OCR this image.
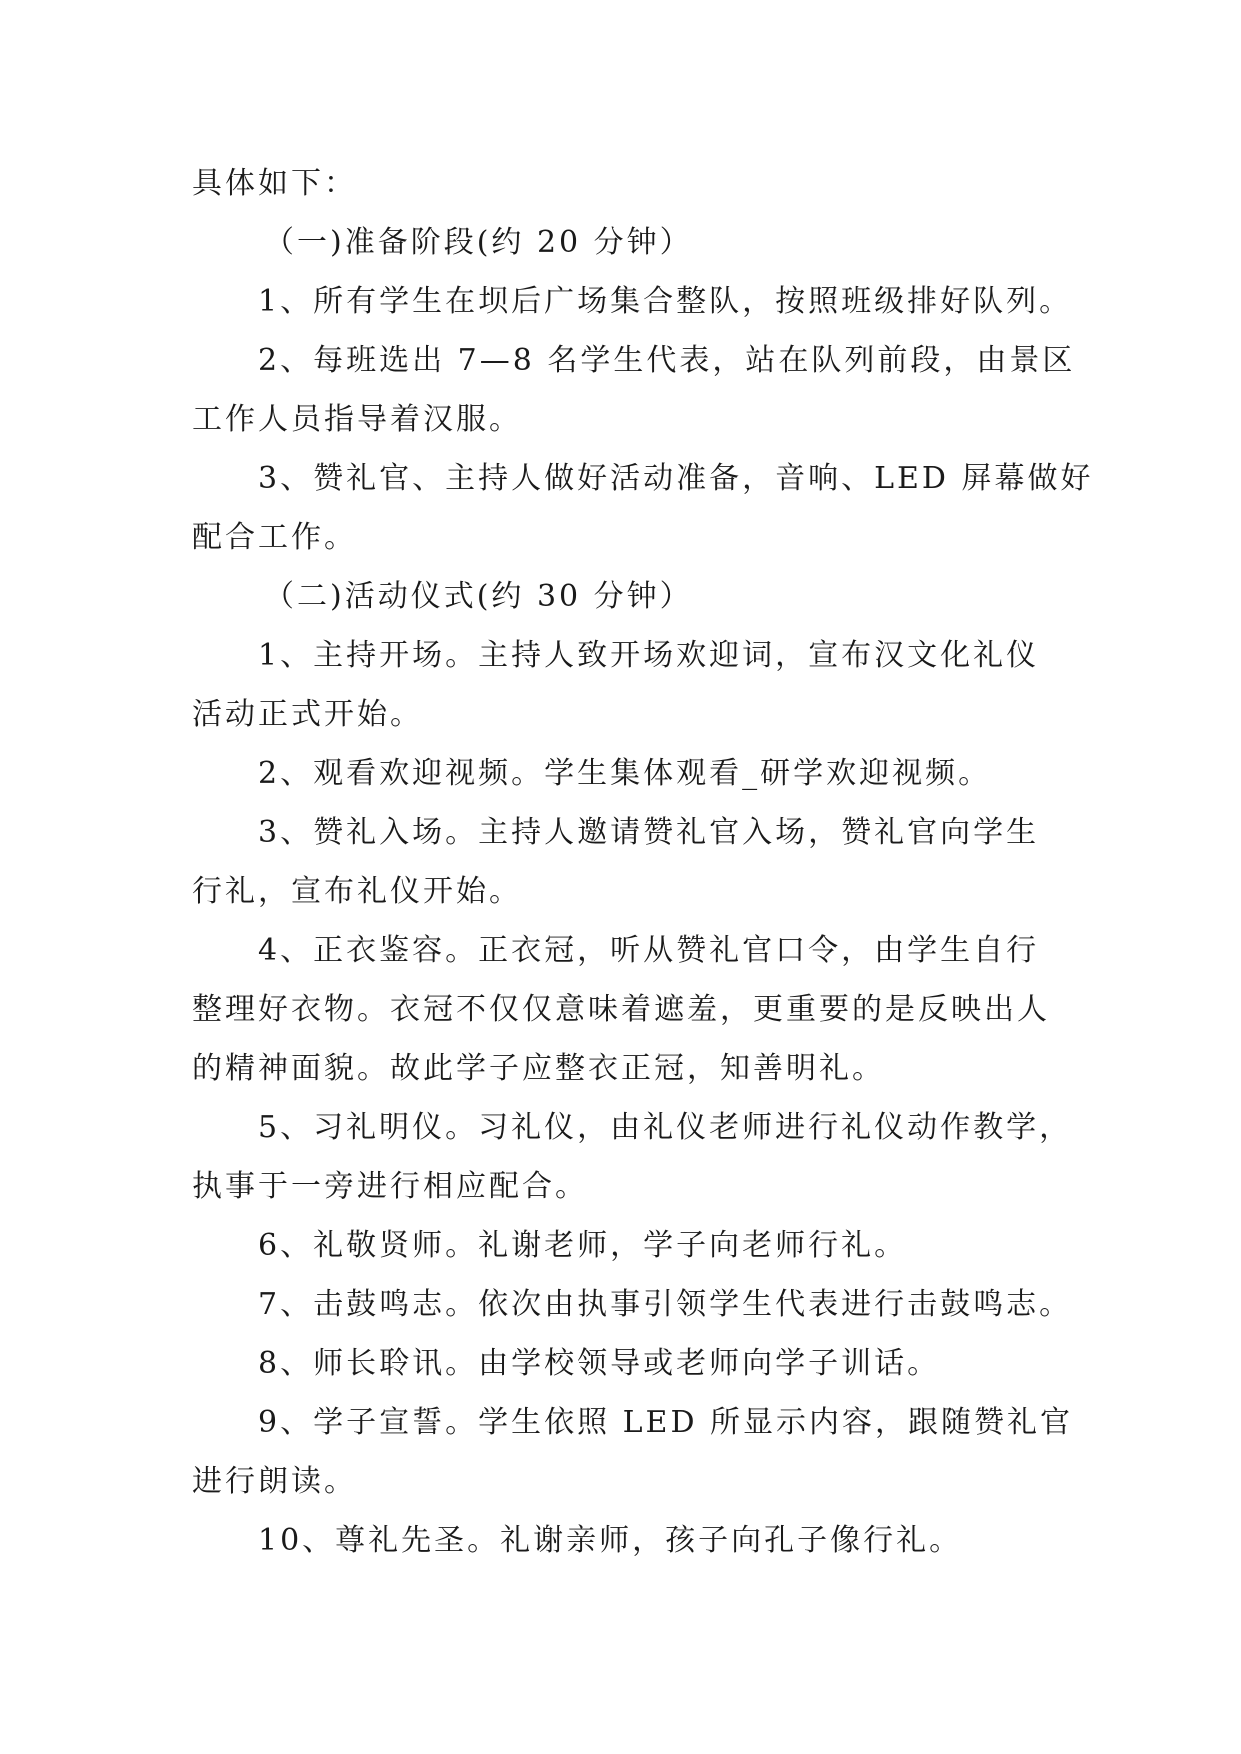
具体如下：
（一)准备阶段(约 20 分钟）
1、所有学生在坝后广场集合整队，按照班级排好队列。
2、每班选出 7—8 名学生代表，站在队列前段，由景区
工作人员指导着汉服。
3、赞礼官、主持人做好活动准备，音响、LED 屏幕做好
配合工作。
（二)活动仪式(约 30 分钟）
1、主持开场。主持人致开场欢迎词，宣布汉文化礼仪
活动正式开始。
2、观看欢迎视频。学生集体观看_研学欢迎视频。
3、赞礼入场。主持人邀请赞礼官入场，赞礼官向学生
行礼，宣布礼仪开始。
4、正衣鉴容。正衣冠，听从赞礼官口令，由学生自行
整理好衣物。衣冠不仅仅意味着遮羞，更重要的是反映出人
的精神面貌。故此学子应整衣正冠，知善明礼。
5、习礼明仪。习礼仪，由礼仪老师进行礼仪动作教学，
执事于一旁进行相应配合。
6、礼敬贤师。礼谢老师，学子向老师行礼。
7、击鼓鸣志。依次由执事引领学生代表进行击鼓鸣志。
8、师长聆讯。由学校领导或老师向学子训话。
9、学子宣誓。学生依照 LED 所显示内容，跟随赞礼官
进行朗读。
10、尊礼先圣。礼谢亲师，孩子向孔子像行礼。
